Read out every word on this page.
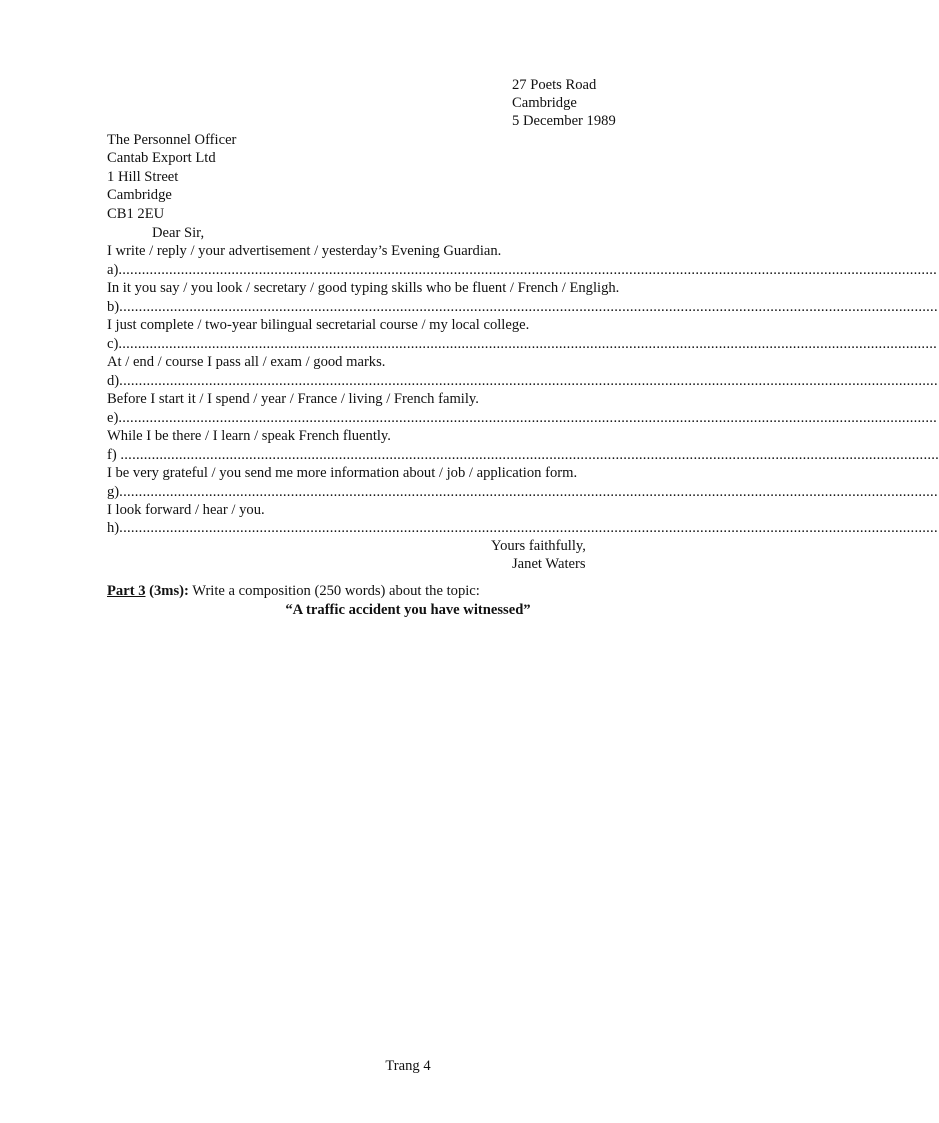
27 Poets Road
Cambridge
5 December 1989
The Personnel Officer
Cantab Export Ltd
1 Hill Street
Cambridge
CB1 2EU
Dear Sir,
I write / reply / your advertisement / yesterday’s Evening Guardian.
a)..................................................................................................................................................................................................................
In it you say / you look / secretary / good typing skills who be fluent / French / Engligh.
b)..................................................................................................................................................................................................................
I just complete / two-year bilingual secretarial course / my local college.
c)..................................................................................................................................................................................................................
At / end / course I pass all / exam / good marks.
d)..................................................................................................................................................................................................................
Before I start it / I spend / year / France / living / French family.
e)..................................................................................................................................................................................................................
While I be there / I learn / speak French fluently.
f) ..................................................................................................................................................................................................................
I be very grateful / you send me more information about / job / application form.
g)..................................................................................................................................................................................................................
I look forward / hear / you.
h)..................................................................................................................................................................................................................
Yours faithfully,
Janet Waters
Part 3 (3ms): Write a composition (250 words) about the topic:
“A traffic accident you have witnessed”
Trang 4
